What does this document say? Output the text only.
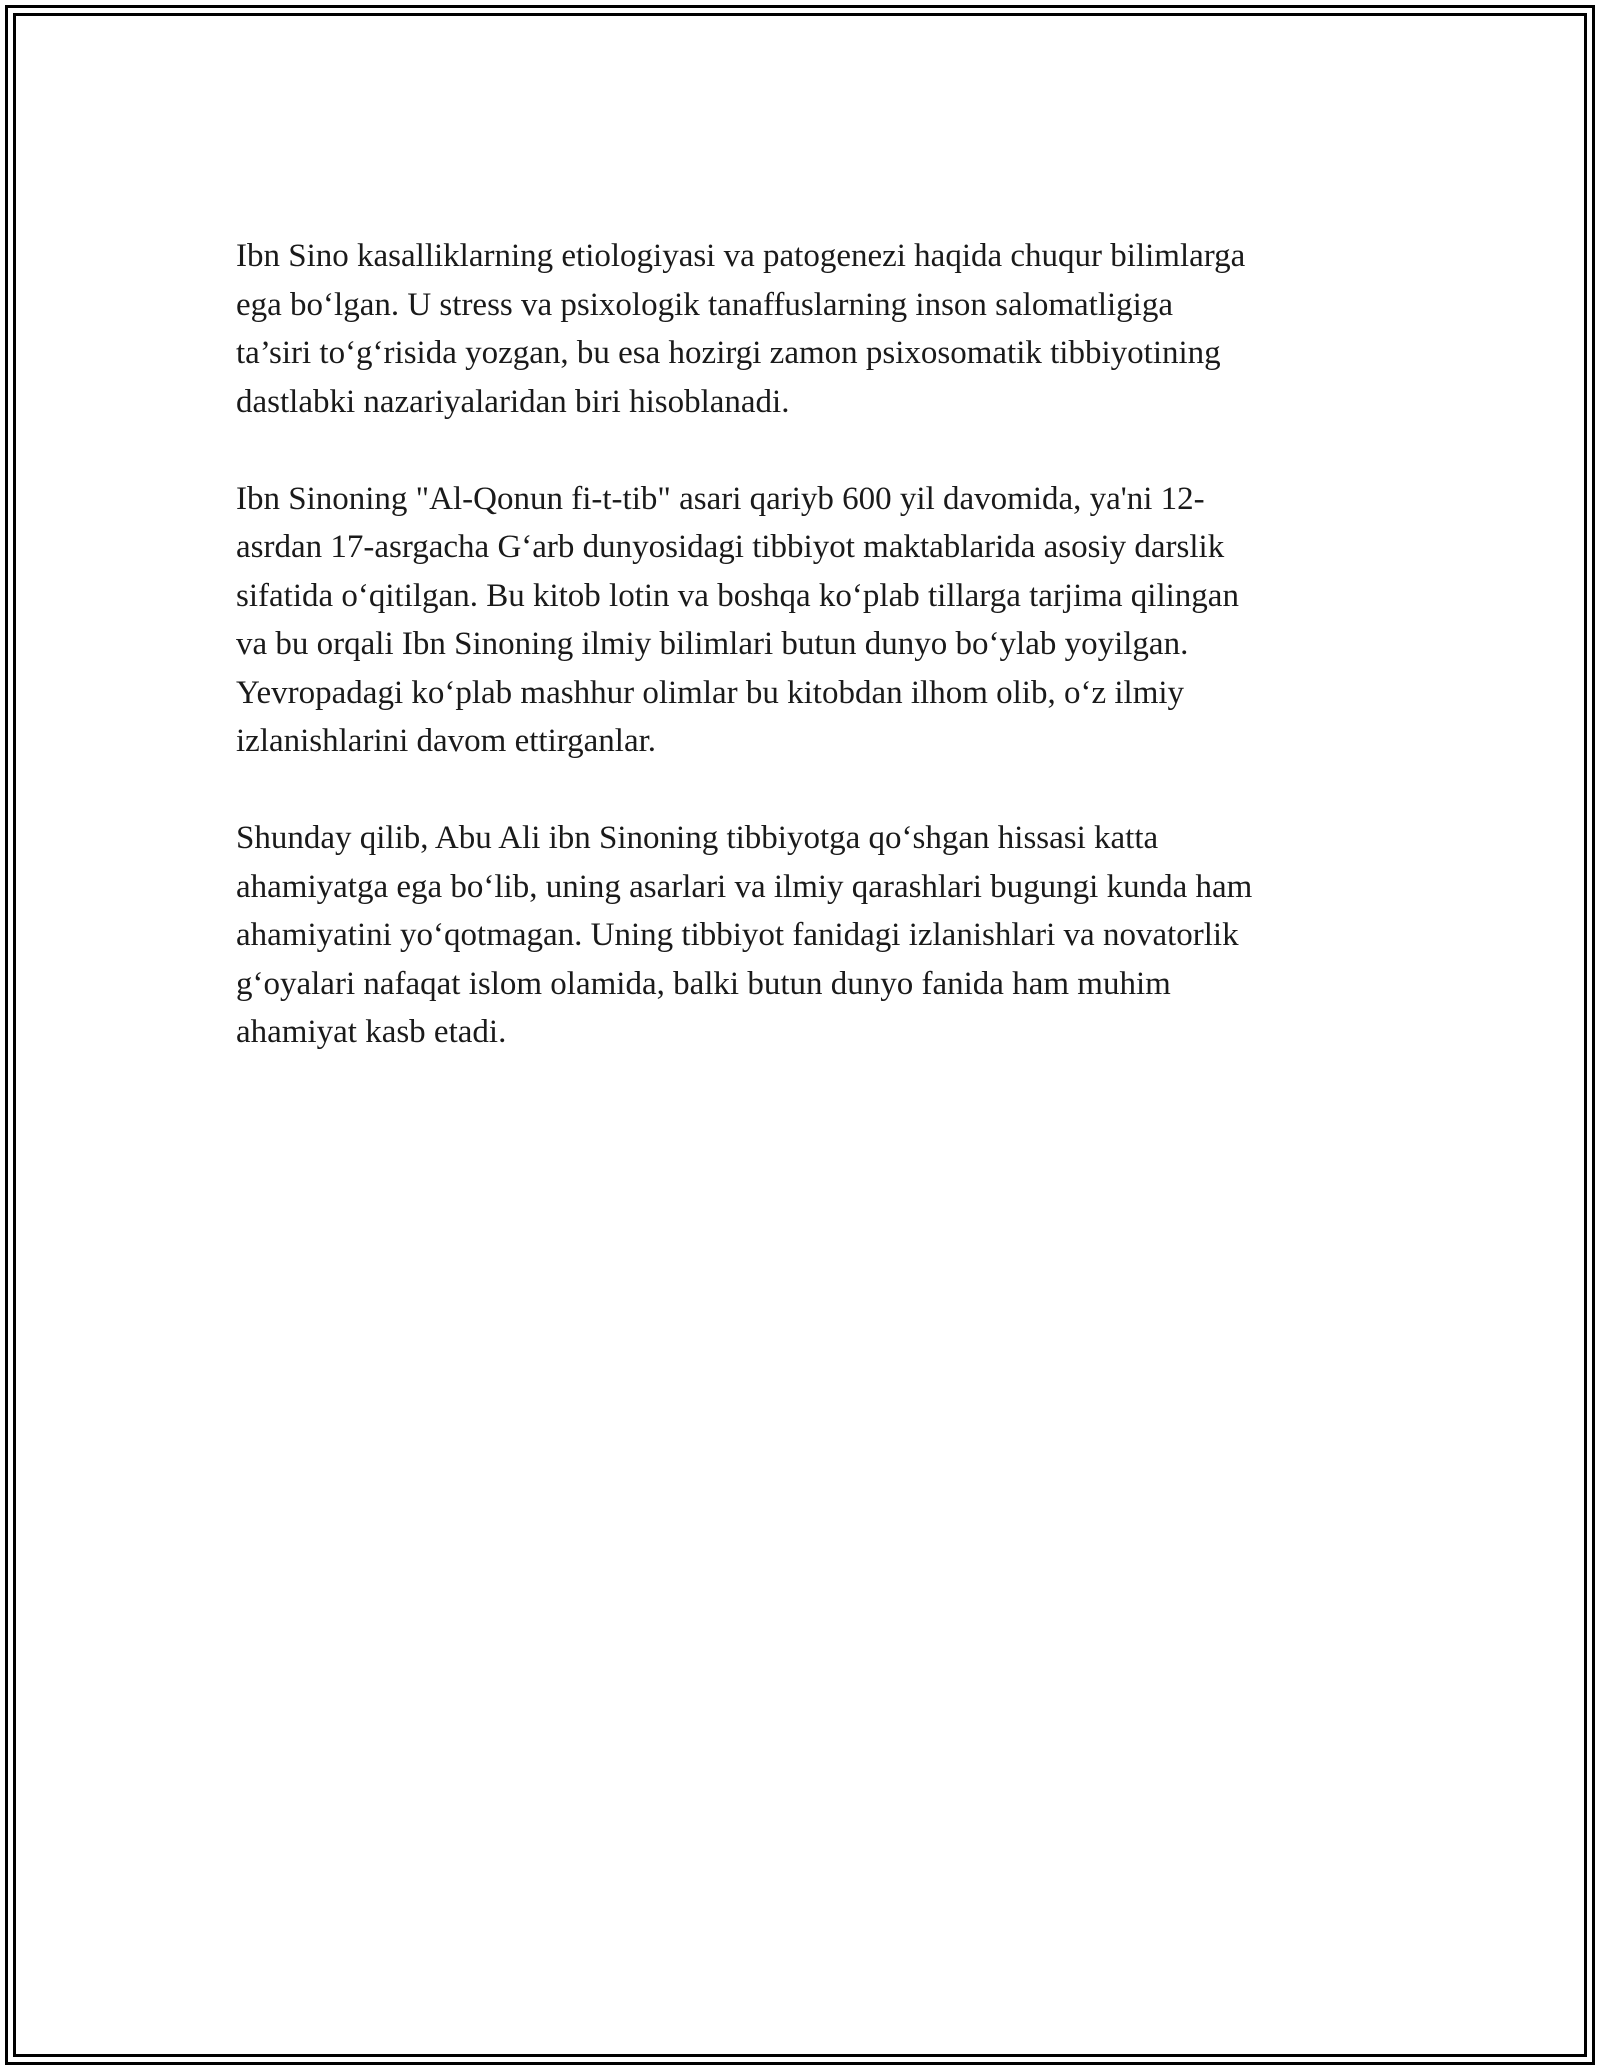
Ibn Sino kasalliklarning etiologiyasi va patogenezi haqida chuqur bilimlarga
ega bo‘lgan. U stress va psixologik tanaffuslarning inson salomatligiga
ta’siri to‘g‘risida yozgan, bu esa hozirgi zamon psixosomatik tibbiyotining
dastlabki nazariyalaridan biri hisoblanadi.

Ibn Sinoning "Al-Qonun fi-t-tib" asari qariyb 600 yil davomida, ya'ni 12-
asrdan 17-asrgacha G‘arb dunyosidagi tibbiyot maktablarida asosiy darslik
sifatida o‘qitilgan. Bu kitob lotin va boshqa ko‘plab tillarga tarjima qilingan
va bu orqali Ibn Sinoning ilmiy bilimlari butun dunyo bo‘ylab yoyilgan.
Yevropadagi ko‘plab mashhur olimlar bu kitobdan ilhom olib, o‘z ilmiy
izlanishlarini davom ettirganlar.

Shunday qilib, Abu Ali ibn Sinoning tibbiyotga qo‘shgan hissasi katta
ahamiyatga ega bo‘lib, uning asarlari va ilmiy qarashlari bugungi kunda ham
ahamiyatini yo‘qotmagan. Uning tibbiyot fanidagi izlanishlari va novatorlik
g‘oyalari nafaqat islom olamida, balki butun dunyo fanida ham muhim
ahamiyat kasb etadi.
